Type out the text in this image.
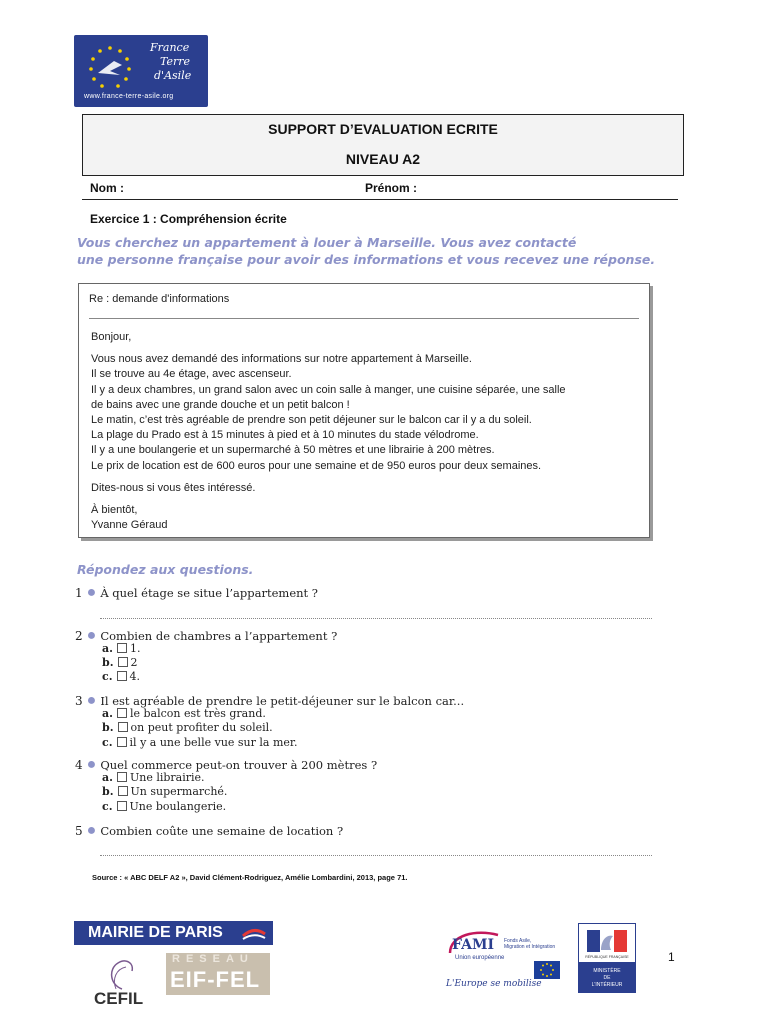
France
Terre
d'Asile
www.france-terre-asile.org
SUPPORT D’EVALUATION ECRITE
NIVEAU A2
Nom :	Prénom :
Exercice 1 : Compréhension écrite
Vous cherchez un appartement à louer à Marseille. Vous avez contacté
une personne française pour avoir des informations et vous recevez une réponse.
Re : demande d'informations
Bonjour,
Vous nous avez demandé des informations sur notre appartement à Marseille.
Il se trouve au 4e étage, avec ascenseur.
Il y a deux chambres, un grand salon avec un coin salle à manger, une cuisine séparée, une salle
de bains avec une grande douche et un petit balcon !
Le matin, c’est très agréable de prendre son petit déjeuner sur le balcon car il y a du soleil.
La plage du Prado est à 15 minutes à pied et à 10 minutes du stade vélodrome.
Il y a une boulangerie et un supermarché à 50 mètres et une librairie à 200 mètres.
Le prix de location est de 600 euros pour une semaine et de 950 euros pour deux semaines.
Dites-nous si vous êtes intéressé.
À bientôt,
Yvanne Géraud
Répondez aux questions.
1 ● À quel étage se situe l’appartement ?
2 ● Combien de chambres a l’appartement ?
a. 1.
b. 2
c. 4.
3 ● Il est agréable de prendre le petit-déjeuner sur le balcon car...
a. le balcon est très grand.
b. on peut profiter du soleil.
c. il y a une belle vue sur la mer.
4 ● Quel commerce peut-on trouver à 200 mètres ?
a. Une librairie.
b. Un supermarché.
c. Une boulangerie.
5 ● Combien coûte une semaine de location ?
Source : « ABC DELF A2 », David Clément-Rodriguez, Amélie Lombardini, 2013, page 71.
MAIRIE DE PARIS
CEFIL
RESEAU
EIF-FEL
FAMI Fonds Asile,
Migration et Intégration
Union européenne
L'Europe se mobilise
RÉPUBLIQUE FRANÇAISE
MINISTÈRE
DE
L'INTÉRIEUR
1
